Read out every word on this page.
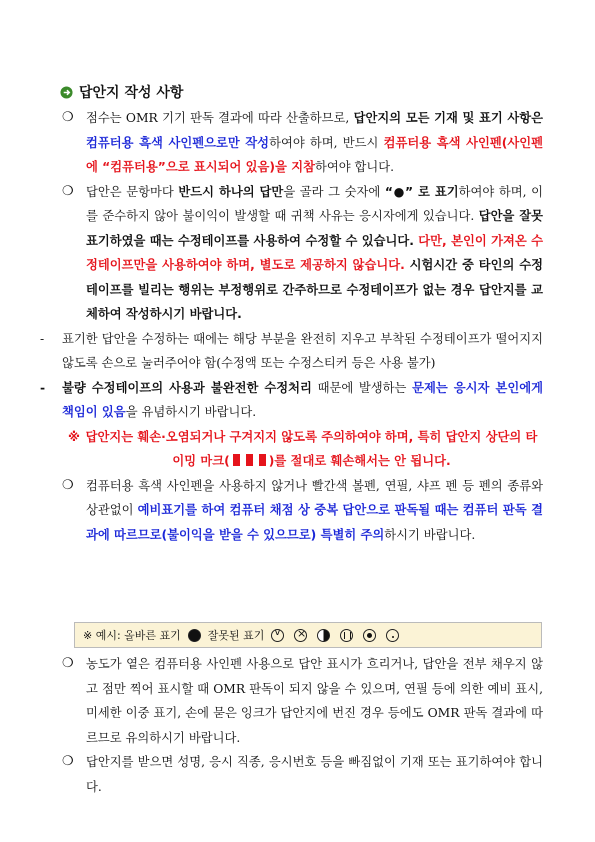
답안지 작성 사항

❍	점수는 OMR 기기 판독 결과에 따라 산출하므로, 답안지의 모든 기재 및 표기 사항은 컴퓨터용 흑색 사인펜으로만 작성하여야 하며, 반드시 컴퓨터용 흑색 사인펜(사인펜에 “컴퓨터용”으로 표시되어 있음)을 지참하여야 합니다.

❍	답안은 문항마다 반드시 하나의 답만을 골라 그 숫자에 “●” 로 표기하여야 하며, 이를 준수하지 않아 불이익이 발생할 때 귀책 사유는 응시자에게 있습니다. 답안을 잘못 표기하였을 때는 수정테이프를 사용하여 수정할 수 있습니다. 다만, 본인이 가져온 수정테이프만을 사용하여야 하며, 별도로 제공하지 않습니다. 시험시간 중 타인의 수정테이프를 빌리는 행위는 부정행위로 간주하므로 수정테이프가 없는 경우 답안지를 교체하여 작성하시기 바랍니다.

- 표기한 답안을 수정하는 때에는 해당 부분을 완전히 지우고 부착된 수정테이프가 떨어지지 않도록 손으로 눌러주어야 함(수정액 또는 수정스티커 등은 사용 불가)

- 불량 수정테이프의 사용과 불완전한 수정처리 때문에 발생하는 문제는 응시자 본인에게 책임이 있음을 유념하시기 바랍니다.

※ 답안지는 훼손·오염되거나 구겨지지 않도록 주의하여야 하며, 특히 답안지 상단의 타이밍 마크(	)를 절대로 훼손해서는 안 됩니다.

❍	컴퓨터용 흑색 사인펜을 사용하지 않거나 빨간색 볼펜, 연필, 샤프 펜 등 펜의 종류와 상관없이 예비표기를 하여 컴퓨터 채점 상 중복 답안으로 판독될 때는 컴퓨터 판독 결과에 따르므로(불이익을 받을 수 있으므로) 특별히 주의하시기 바랍니다.

※ 예시: 올바른 표기 잘못된 표기
v
×

❍	농도가 옅은 컴퓨터용 사인펜 사용으로 답안 표시가 흐리거나, 답안을 전부 채우지 않고 점만 찍어 표시할 때 OMR 판독이 되지 않을 수 있으며, 연필 등에 의한 예비 표시, 미세한 이중 표기, 손에 묻은 잉크가 답안지에 번진 경우 등에도 OMR 판독 결과에 따르므로 유의하시기 바랍니다.

❍	답안지를 받으면 성명, 응시 직종, 응시번호 등을 빠짐없이 기재 또는 표기하여야 합니다.
